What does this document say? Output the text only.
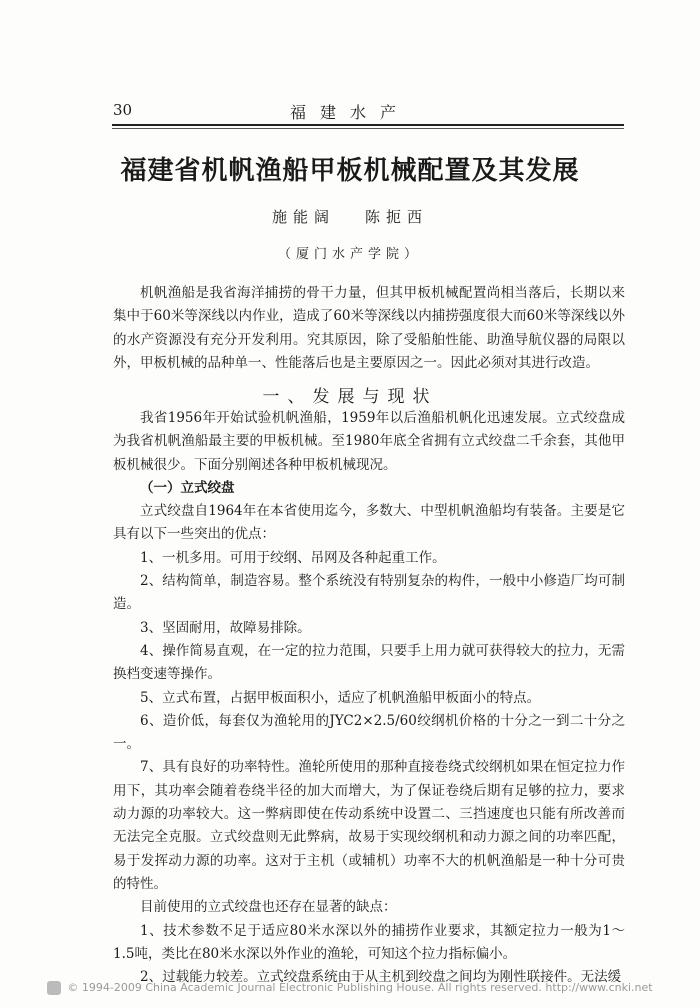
30	福建水产
福建省机帆渔船甲板机械配置及其发展
施能阔 陈扼西
（厦门水产学院）

机帆渔船是我省海洋捕捞的骨干力量，但其甲板机械配置尚相当落后，长期以来集中于60米等深线以内作业，造成了60米等深线以内捕捞强度很大而60米等深线以外的水产资源没有充分开发利用。究其原因，除了受船舶性能、助渔导航仪器的局限以外，甲板机械的品种单一、性能落后也是主要原因之一。因此必须对其进行改造。

一、发展与现状

我省1956年开始试验机帆渔船，1959年以后渔船机帆化迅速发展。立式绞盘成为我省机帆渔船最主要的甲板机械。至1980年底全省拥有立式绞盘二千余套，其他甲板机械很少。下面分别阐述各种甲板机械现况。

（一）立式绞盘

立式绞盘自1964年在本省使用迄今，多数大、中型机帆渔船均有装备。主要是它具有以下一些突出的优点：

1、一机多用。可用于绞纲、吊网及各种起重工作。

2、结构简单，制造容易。整个系统没有特别复杂的构件，一般中小修造厂均可制造。

3、坚固耐用，故障易排除。

4、操作简易直观，在一定的拉力范围，只要手上用力就可获得较大的拉力，无需换档变速等操作。

5、立式布置，占据甲板面积小，适应了机帆渔船甲板面小的特点。

6、造价低，每套仅为渔轮用的JYC2×2.5/60绞纲机价格的十分之一到二十分之一。

7、具有良好的功率特性。渔轮所使用的那种直接卷绕式绞纲机如果在恒定拉力作用下，其功率会随着卷绕半径的加大而增大，为了保证卷绕后期有足够的拉力，要求动力源的功率较大。这一弊病即使在传动系统中设置二、三挡速度也只能有所改善而无法完全克服。立式绞盘则无此弊病，故易于实现绞纲机和动力源之间的功率匹配，易于发挥动力源的功率。这对于主机（或辅机）功率不大的机帆渔船是一种十分可贵的特性。

目前使用的立式绞盘也还存在显著的缺点：

1、技术参数不足于适应80米水深以外的捕捞作业要求，其额定拉力一般为1～1.5吨，类比在80米水深以外作业的渔轮，可知这个拉力指标偏小。

2、过载能力较差。立式绞盘系统由于从主机到绞盘之间均为刚性联接件。无法缓

© 1994-2009 China Academic Journal Electronic Publishing House. All rights reserved. http://www.cnki.net
